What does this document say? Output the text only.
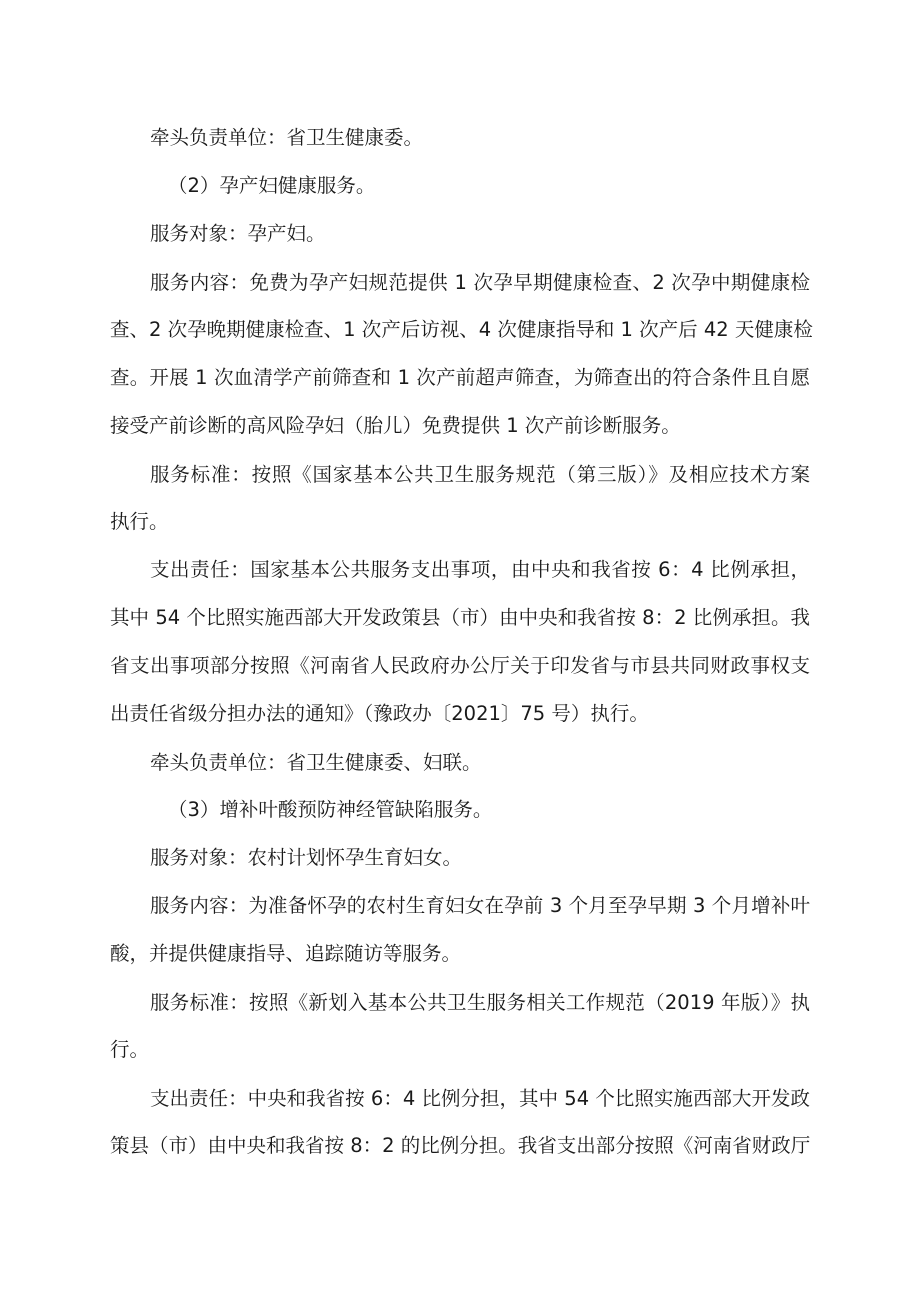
牵头负责单位：省卫生健康委。
（2）孕产妇健康服务。
服务对象：孕产妇。
服务内容：免费为孕产妇规范提供 1 次孕早期健康检查、2 次孕中期健康检
查、2 次孕晚期健康检查、1 次产后访视、4 次健康指导和 1 次产后 42 天健康检
查。开展 1 次血清学产前筛查和 1 次产前超声筛查，为筛查出的符合条件且自愿
接受产前诊断的高风险孕妇（胎儿）免费提供 1 次产前诊断服务。
服务标准：按照《国家基本公共卫生服务规范（第三版）》及相应技术方案
执行。
支出责任：国家基本公共服务支出事项，由中央和我省按 6：4 比例承担，
其中 54 个比照实施西部大开发政策县（市）由中央和我省按 8：2 比例承担。我
省支出事项部分按照《河南省人民政府办公厅关于印发省与市县共同财政事权支
出责任省级分担办法的通知》（豫政办〔2021〕75 号）执行。
牵头负责单位：省卫生健康委、妇联。
（3）增补叶酸预防神经管缺陷服务。
服务对象：农村计划怀孕生育妇女。
服务内容：为准备怀孕的农村生育妇女在孕前 3 个月至孕早期 3 个月增补叶
酸，并提供健康指导、追踪随访等服务。
服务标准：按照《新划入基本公共卫生服务相关工作规范（2019 年版）》执
行。
支出责任：中央和我省按 6：4 比例分担，其中 54 个比照实施西部大开发政
策县（市）由中央和我省按 8：2 的比例分担。我省支出部分按照《河南省财政厅
